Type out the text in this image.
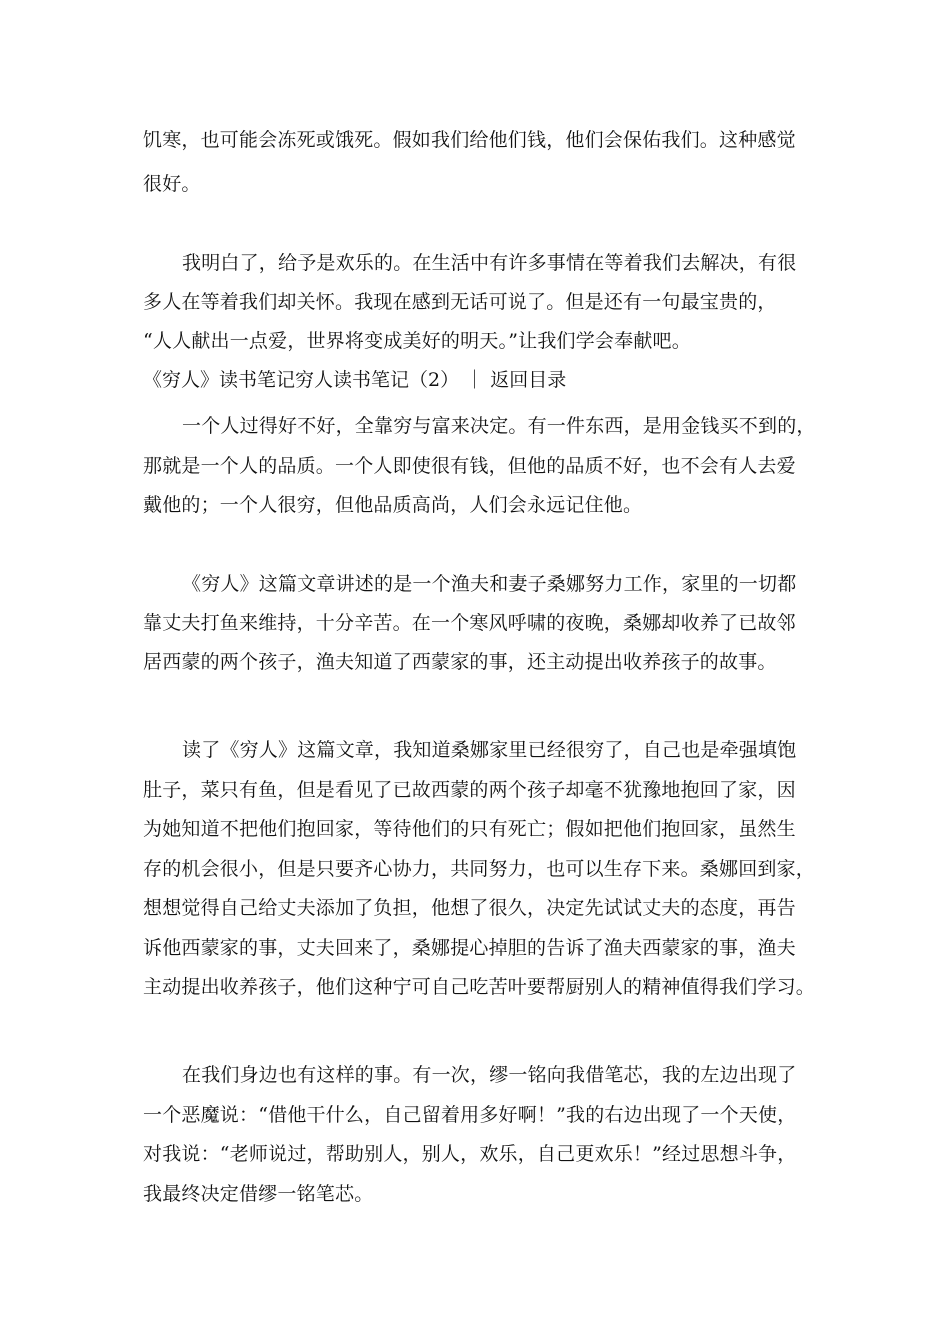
饥寒，也可能会冻死或饿死。假如我们给他们钱，他们会保佑我们。这种感觉
很好。
我明白了，给予是欢乐的。在生活中有许多事情在等着我们去解决，有很
多人在等着我们却关怀。我现在感到无话可说了。但是还有一句最宝贵的，
“人人献出一点爱，世界将变成美好的明天。”让我们学会奉献吧。
《穷人》读书笔记穷人读书笔记（2） ｜ 返回目录
一个人过得好不好，全靠穷与富来决定。有一件东西，是用金钱买不到的，
那就是一个人的品质。一个人即使很有钱，但他的品质不好，也不会有人去爱
戴他的；一个人很穷，但他品质高尚，人们会永远记住他。
《穷人》这篇文章讲述的是一个渔夫和妻子桑娜努力工作，家里的一切都
靠丈夫打鱼来维持，十分辛苦。在一个寒风呼啸的夜晚，桑娜却收养了已故邻
居西蒙的两个孩子，渔夫知道了西蒙家的事，还主动提出收养孩子的故事。
读了《穷人》这篇文章，我知道桑娜家里已经很穷了，自己也是牵强填饱
肚子，菜只有鱼，但是看见了已故西蒙的两个孩子却毫不犹豫地抱回了家，因
为她知道不把他们抱回家，等待他们的只有死亡；假如把他们抱回家，虽然生
存的机会很小，但是只要齐心协力，共同努力，也可以生存下来。桑娜回到家，
想想觉得自己给丈夫添加了负担，他想了很久，决定先试试丈夫的态度，再告
诉他西蒙家的事，丈夫回来了，桑娜提心掉胆的告诉了渔夫西蒙家的事，渔夫
主动提出收养孩子，他们这种宁可自己吃苦叶要帮厨别人的精神值得我们学习。
在我们身边也有这样的事。有一次，缪一铭向我借笔芯，我的左边出现了
一个恶魔说：“借他干什么，自己留着用多好啊！”我的右边出现了一个天使，
对我说：“老师说过，帮助别人，别人，欢乐，自己更欢乐！”经过思想斗争，
我最终决定借缪一铭笔芯。
